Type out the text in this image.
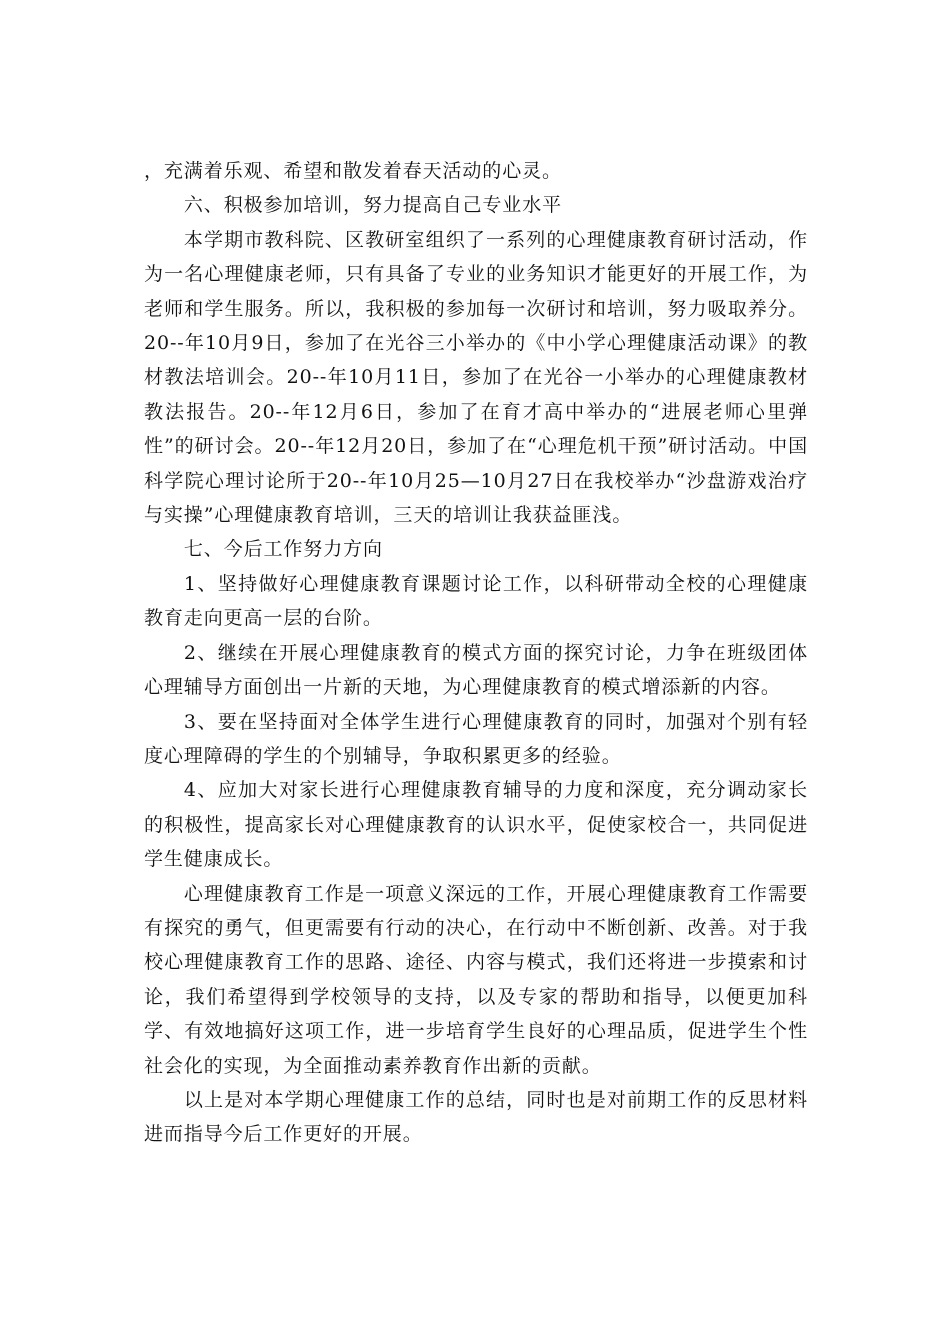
，充满着乐观、希望和散发着春天活动的心灵。

六、积极参加培训，努力提高自己专业水平

本学期市教科院、区教研室组织了一系列的心理健康教育研讨活动，作为一名心理健康老师，只有具备了专业的业务知识才能更好的开展工作，为老师和学生服务。所以，我积极的参加每一次研讨和培训，努力吸取养分。20--年10月9日，参加了在光谷三小举办的《中小学心理健康活动课》的教材教法培训会。20--年10月11日，参加了在光谷一小举办的心理健康教材教法报告。20--年12月6日，参加了在育才高中举办的“进展老师心里弹性”的研讨会。20--年12月20日，参加了在“心理危机干预”研讨活动。中国科学院心理讨论所于20--年10月25—10月27日在我校举办“沙盘游戏治疗与实操”心理健康教育培训，三天的培训让我获益匪浅。

七、今后工作努力方向

1、坚持做好心理健康教育课题讨论工作，以科研带动全校的心理健康教育走向更高一层的台阶。

2、继续在开展心理健康教育的模式方面的探究讨论，力争在班级团体心理辅导方面创出一片新的天地，为心理健康教育的模式增添新的内容。

3、要在坚持面对全体学生进行心理健康教育的同时，加强对个别有轻度心理障碍的学生的个别辅导，争取积累更多的经验。

4、应加大对家长进行心理健康教育辅导的力度和深度，充分调动家长的积极性，提高家长对心理健康教育的认识水平，促使家校合一，共同促进学生健康成长。

心理健康教育工作是一项意义深远的工作，开展心理健康教育工作需要有探究的勇气，但更需要有行动的决心，在行动中不断创新、改善。对于我校心理健康教育工作的思路、途径、内容与模式，我们还将进一步摸索和讨论，我们希望得到学校领导的支持，以及专家的帮助和指导，以便更加科学、有效地搞好这项工作，进一步培育学生良好的心理品质，促进学生个性社会化的实现，为全面推动素养教育作出新的贡献。

以上是对本学期心理健康工作的总结，同时也是对前期工作的反思材料进而指导今后工作更好的开展。
